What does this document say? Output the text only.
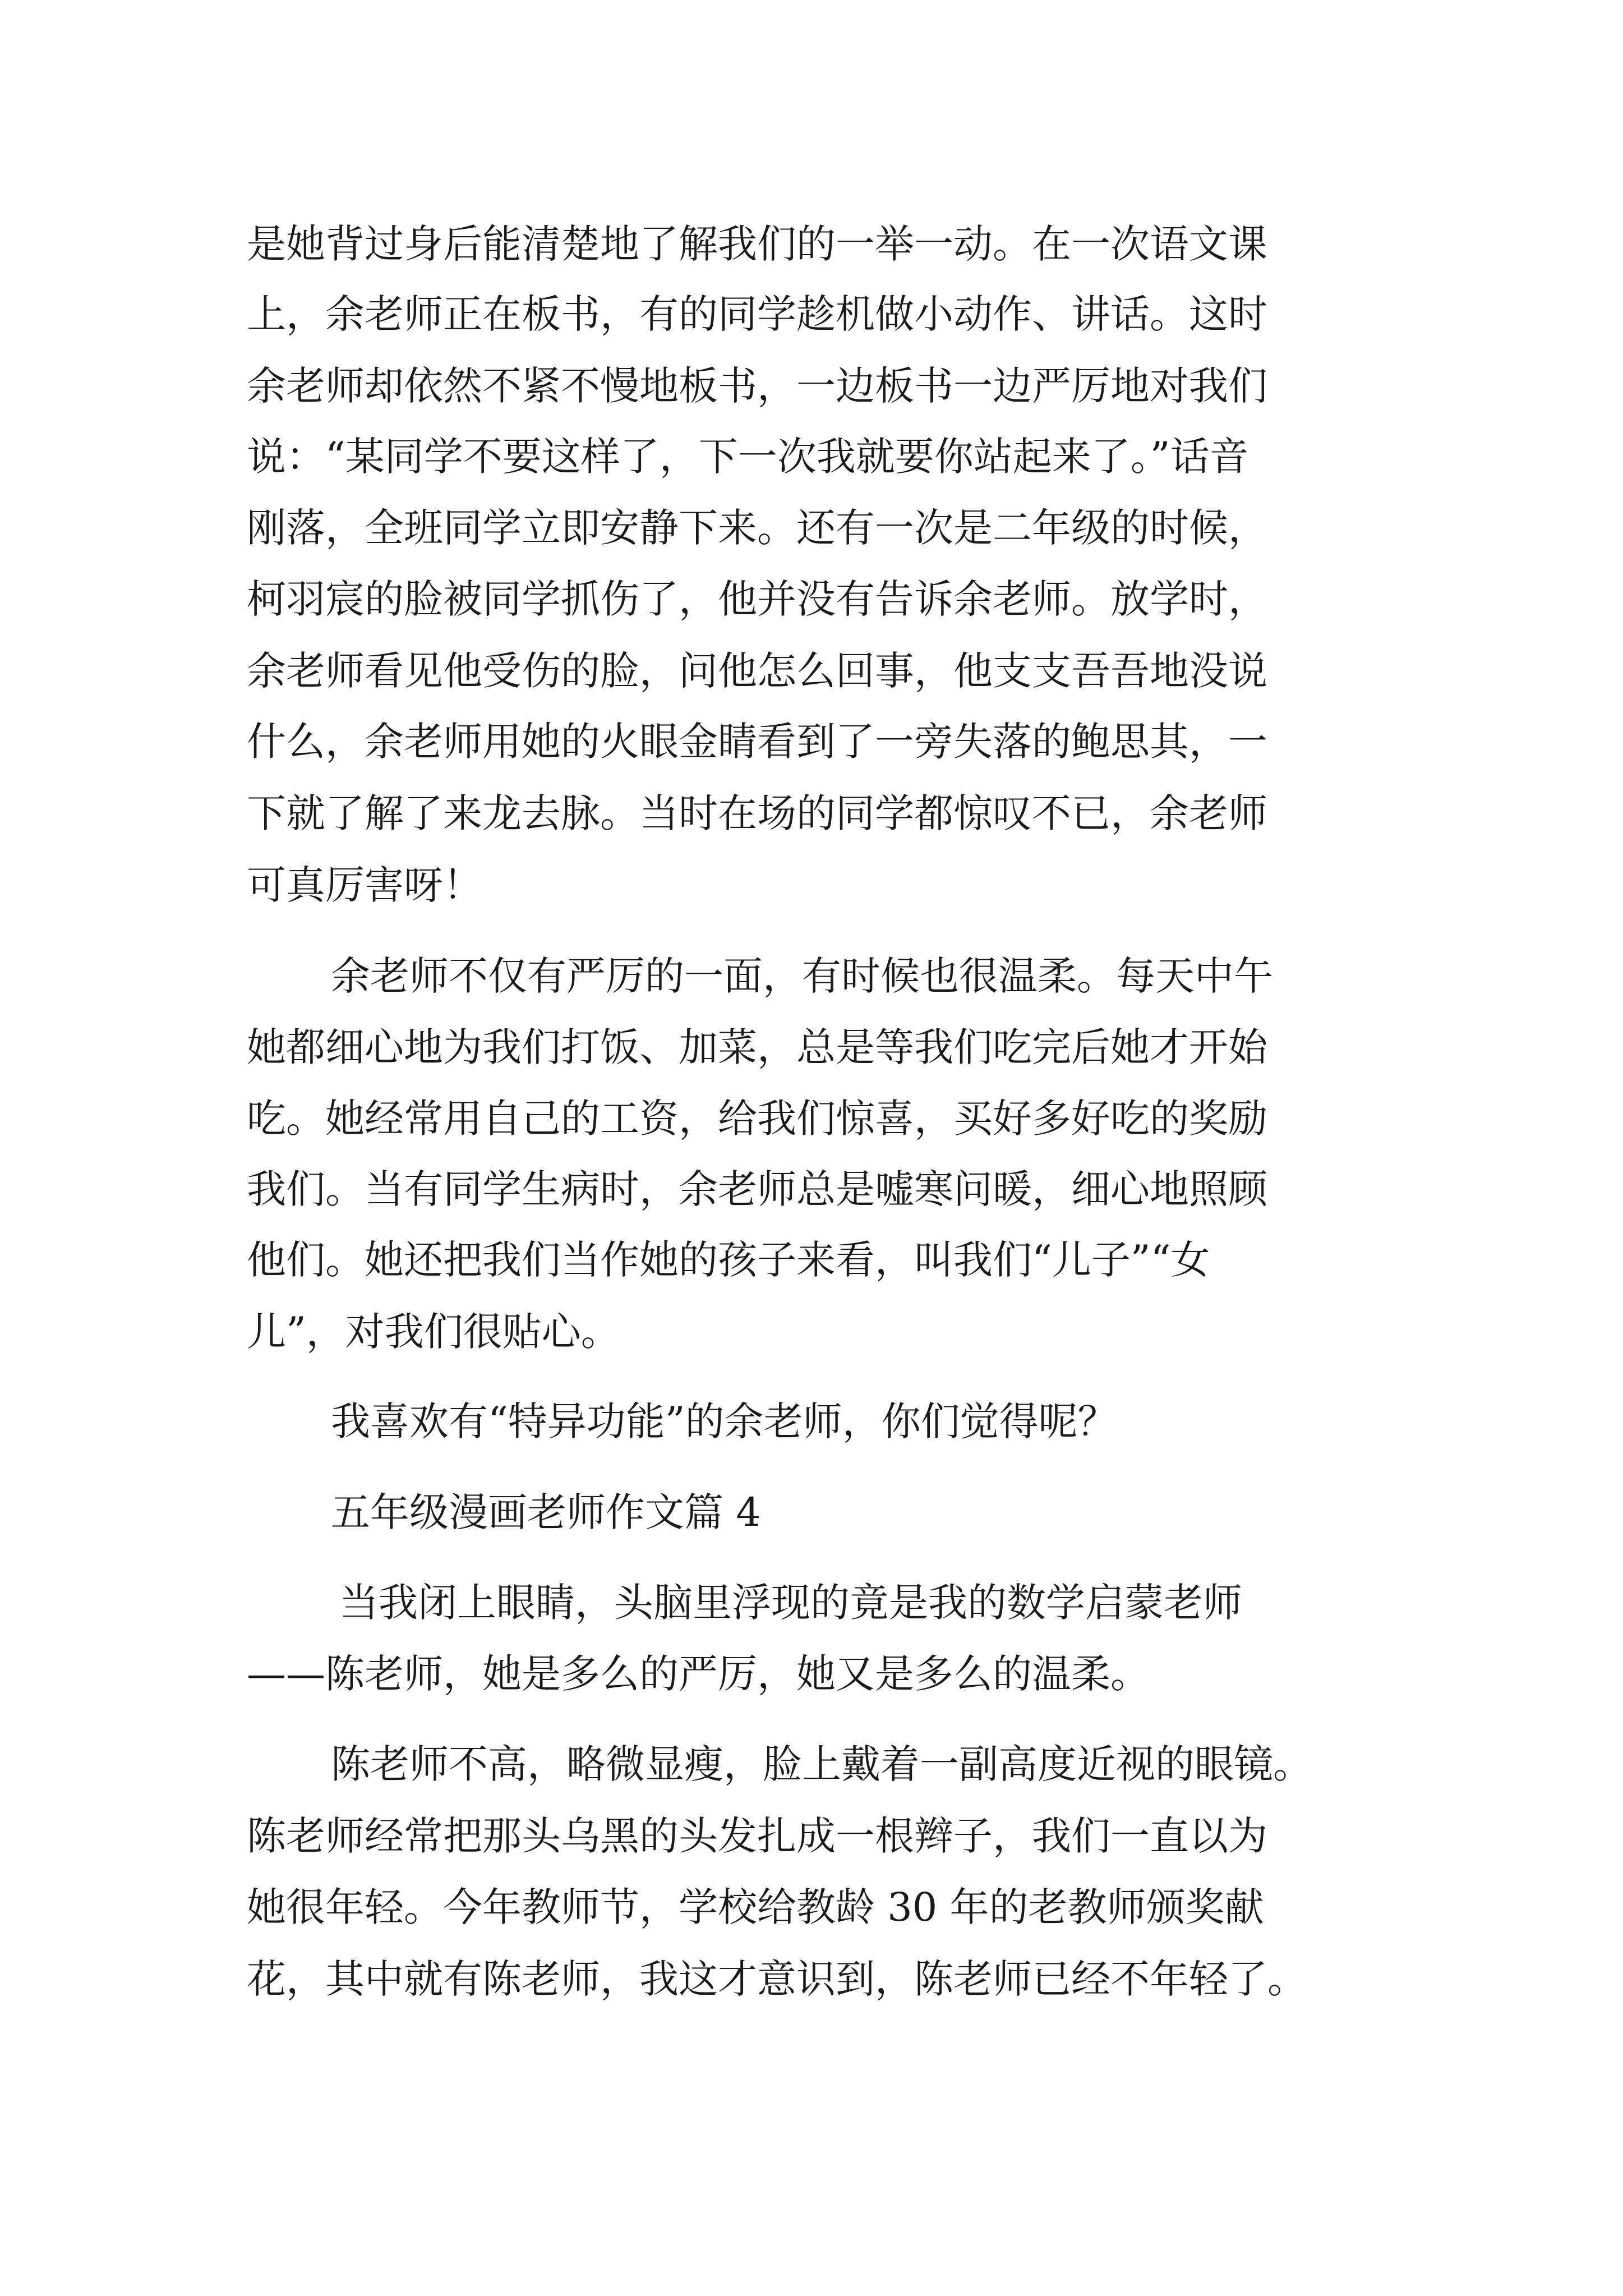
是她背过身后能清楚地了解我们的一举一动。在一次语文课

上，余老师正在板书，有的同学趁机做小动作、讲话。这时

余老师却依然不紧不慢地板书，一边板书一边严厉地对我们

说：“某同学不要这样了，下一次我就要你站起来了。”话音

刚落，全班同学立即安静下来。还有一次是二年级的时候，

柯羽宸的脸被同学抓伤了，他并没有告诉余老师。放学时，

余老师看见他受伤的脸，问他怎么回事，他支支吾吾地没说

什么，余老师用她的火眼金睛看到了一旁失落的鲍思其，一

下就了解了来龙去脉。当时在场的同学都惊叹不已，余老师

可真厉害呀！

余老师不仅有严厉的一面，有时候也很温柔。每天中午

她都细心地为我们打饭、加菜，总是等我们吃完后她才开始

吃。她经常用自己的工资，给我们惊喜，买好多好吃的奖励

我们。当有同学生病时，余老师总是嘘寒问暖，细心地照顾

他们。她还把我们当作她的孩子来看，叫我们“儿子”“女

儿”，对我们很贴心。

我喜欢有“特异功能”的余老师，你们觉得呢？

五年级漫画老师作文篇 4

当我闭上眼睛，头脑里浮现的竟是我的数学启蒙老师

——陈老师，她是多么的严厉，她又是多么的温柔。

陈老师不高，略微显瘦，脸上戴着一副高度近视的眼镜。

陈老师经常把那头乌黑的头发扎成一根辫子，我们一直以为

她很年轻。今年教师节，学校给教龄 30 年的老教师颁奖献

花，其中就有陈老师，我这才意识到，陈老师已经不年轻了。
